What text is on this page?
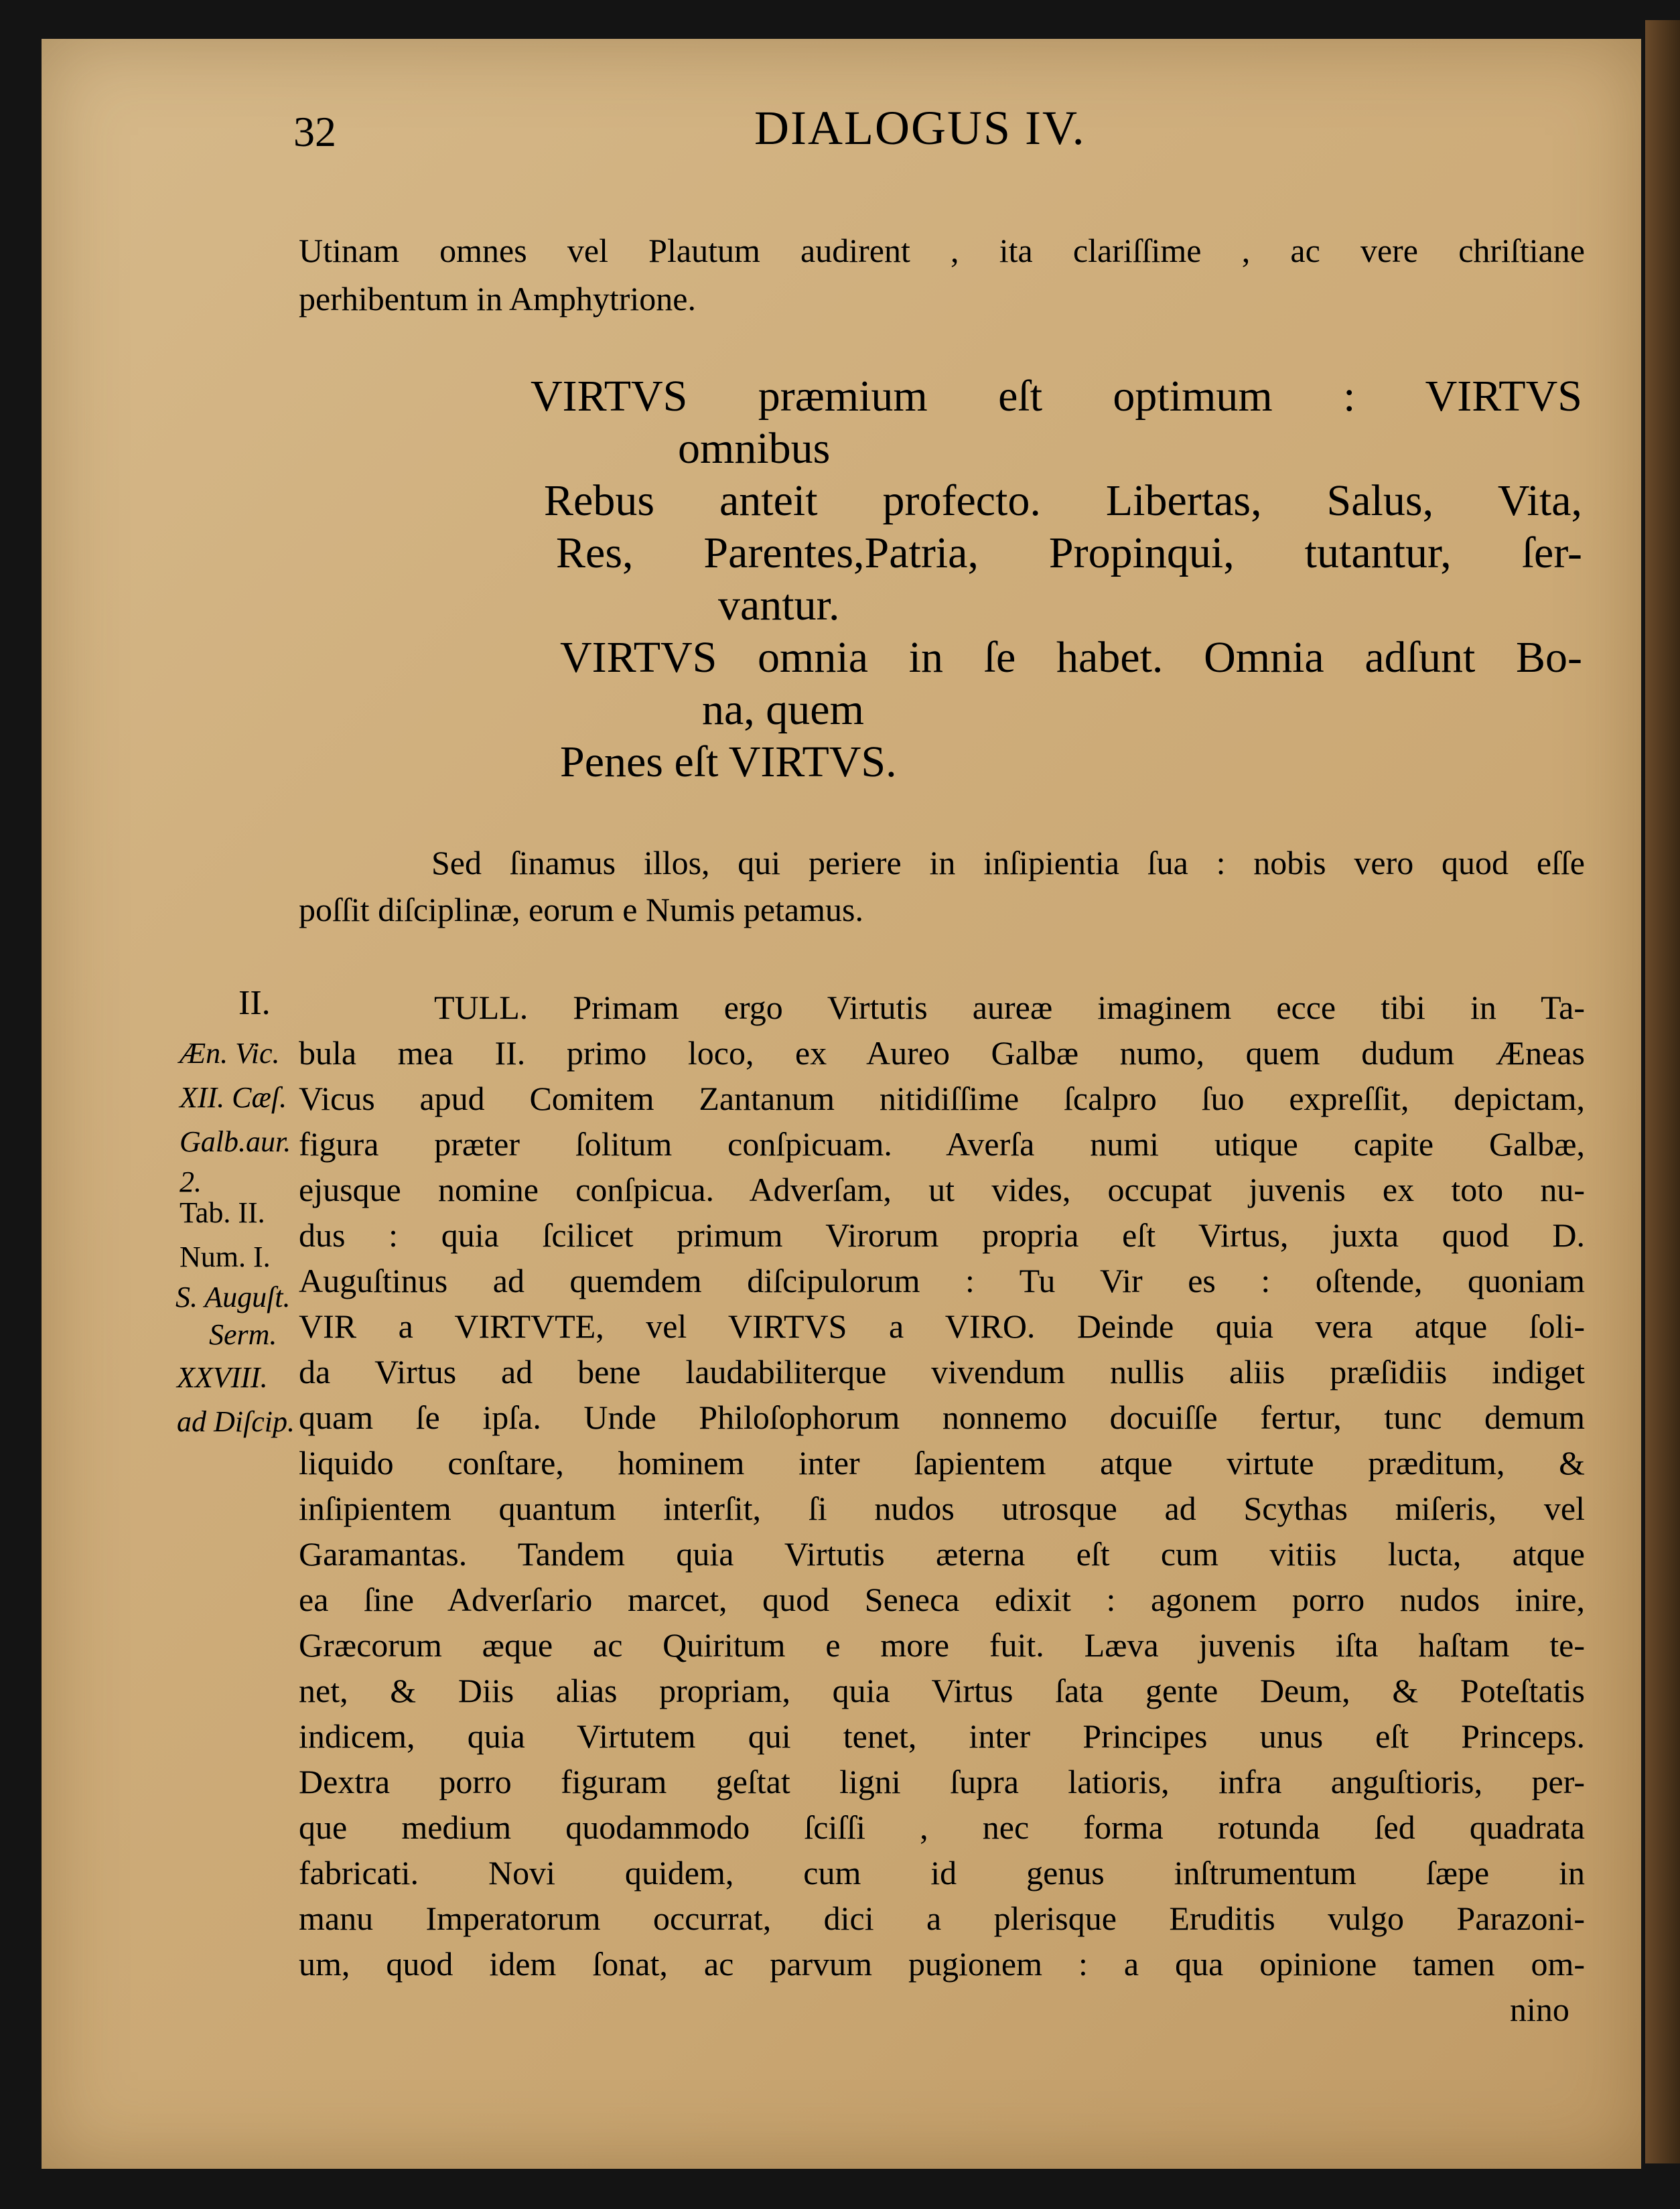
32	DIALOGUS IV.
Utinam omnes vel Plautum audirent , ita clariſſime , ac vere chriſtiane
perhibentum in Amphytrione.
VIRTVS præmium eſt optimum : VIRTVS
omnibus
Rebus anteit profecto. Libertas, Salus, Vita,
Res, Parentes,Patria, Propinqui, tutantur, ſer-
vantur.
VIRTVS omnia in ſe habet. Omnia adſunt Bo-
na, quem
Penes eſt VIRTVS.
Sed ſinamus illos, qui periere in inſipientia ſua : nobis vero quod eſſe
poſſit diſciplinæ, eorum e Numis petamus.
II.
Æn. Vic.
XII. Cæſ.
Galb.aur.
2.
Tab. II.
Num. I.
S. Auguſt.
Serm.
XXVIII.
ad Diſcip.
TULL. Primam ergo Virtutis aureæ imaginem ecce tibi in Ta-
bula mea II. primo loco, ex Aureo Galbæ numo, quem dudum Æneas
Vicus apud Comitem Zantanum nitidiſſime ſcalpro ſuo expreſſit, depictam,
figura præter ſolitum conſpicuam. Averſa numi utique capite Galbæ,
ejusque nomine conſpicua. Adverſam, ut vides, occupat juvenis ex toto nu-
dus : quia ſcilicet primum Virorum propria eſt Virtus, juxta quod D.
Auguſtinus ad quemdem diſcipulorum : Tu Vir es : oſtende, quoniam
VIR a VIRTVTE, vel VIRTVS a VIRO. Deinde quia vera atque ſoli-
da Virtus ad bene laudabiliterque vivendum nullis aliis præſidiis indiget
quam ſe ipſa. Unde Philoſophorum nonnemo docuiſſe fertur, tunc demum
liquido conſtare, hominem inter ſapientem atque virtute præditum, &
inſipientem quantum interſit, ſi nudos utrosque ad Scythas miſeris, vel
Garamantas. Tandem quia Virtutis æterna eſt cum vitiis lucta, atque
ea ſine Adverſario marcet, quod Seneca edixit : agonem porro nudos inire,
Græcorum æque ac Quiritum e more fuit. Læva juvenis iſta haſtam te-
net, & Diis alias propriam, quia Virtus ſata gente Deum, & Poteſtatis
indicem, quia Virtutem qui tenet, inter Principes unus eſt Princeps.
Dextra porro figuram geſtat ligni ſupra latioris, infra anguſtioris, per-
que medium quodammodo ſciſſi , nec forma rotunda ſed quadrata
fabricati. Novi quidem, cum id genus inſtrumentum ſæpe in
manu Imperatorum occurrat, dici a plerisque Eruditis vulgo Parazoni-
um, quod idem ſonat, ac parvum pugionem : a qua opinione tamen om-
nino
